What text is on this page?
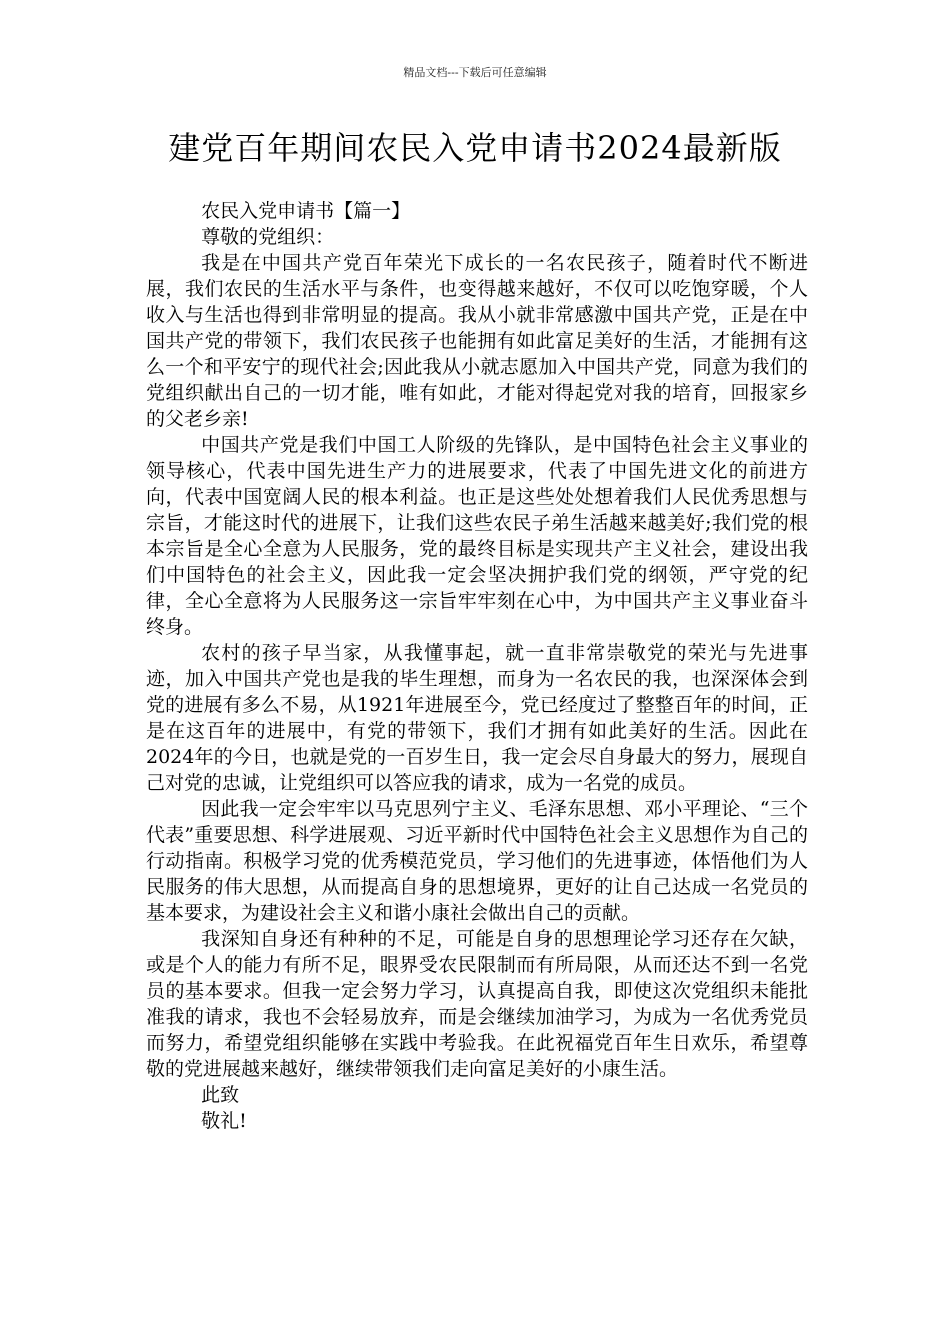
精品文档---下载后可任意编辑
建党百年期间农民入党申请书2024最新版

农民入党申请书【篇一】

尊敬的党组织：

我是在中国共产党百年荣光下成长的一名农民孩子，随着时代不断进展，我们农民的生活水平与条件，也变得越来越好，不仅可以吃饱穿暖，个人收入与生活也得到非常明显的提高。我从小就非常感激中国共产党，正是在中国共产党的带领下，我们农民孩子也能拥有如此富足美好的生活，才能拥有这么一个和平安宁的现代社会;因此我从小就志愿加入中国共产党，同意为我们的党组织献出自己的一切才能，唯有如此，才能对得起党对我的培育，回报家乡的父老乡亲!

中国共产党是我们中国工人阶级的先锋队，是中国特色社会主义事业的领导核心，代表中国先进生产力的进展要求，代表了中国先进文化的前进方向，代表中国宽阔人民的根本利益。也正是这些处处想着我们人民优秀思想与宗旨，才能这时代的进展下，让我们这些农民子弟生活越来越美好;我们党的根本宗旨是全心全意为人民服务，党的最终目标是实现共产主义社会，建设出我们中国特色的社会主义，因此我一定会坚决拥护我们党的纲领，严守党的纪律，全心全意将为人民服务这一宗旨牢牢刻在心中，为中国共产主义事业奋斗终身。

农村的孩子早当家，从我懂事起，就一直非常崇敬党的荣光与先进事迹，加入中国共产党也是我的毕生理想，而身为一名农民的我，也深深体会到党的进展有多么不易，从1921年进展至今，党已经度过了整整百年的时间，正是在这百年的进展中，有党的带领下，我们才拥有如此美好的生活。因此在2024年的今日，也就是党的一百岁生日，我一定会尽自身最大的努力，展现自己对党的忠诚，让党组织可以答应我的请求，成为一名党的成员。

因此我一定会牢牢以马克思列宁主义、毛泽东思想、邓小平理论、“三个代表”重要思想、科学进展观、习近平新时代中国特色社会主义思想作为自己的行动指南。积极学习党的优秀模范党员，学习他们的先进事迹，体悟他们为人民服务的伟大思想，从而提高自身的思想境界，更好的让自己达成一名党员的基本要求，为建设社会主义和谐小康社会做出自己的贡献。

我深知自身还有种种的不足，可能是自身的思想理论学习还存在欠缺，或是个人的能力有所不足，眼界受农民限制而有所局限，从而还达不到一名党员的基本要求。但我一定会努力学习，认真提高自我，即使这次党组织未能批准我的请求，我也不会轻易放弃，而是会继续加油学习，为成为一名优秀党员而努力，希望党组织能够在实践中考验我。在此祝福党百年生日欢乐，希望尊敬的党进展越来越好，继续带领我们走向富足美好的小康生活。

此致

敬礼!
